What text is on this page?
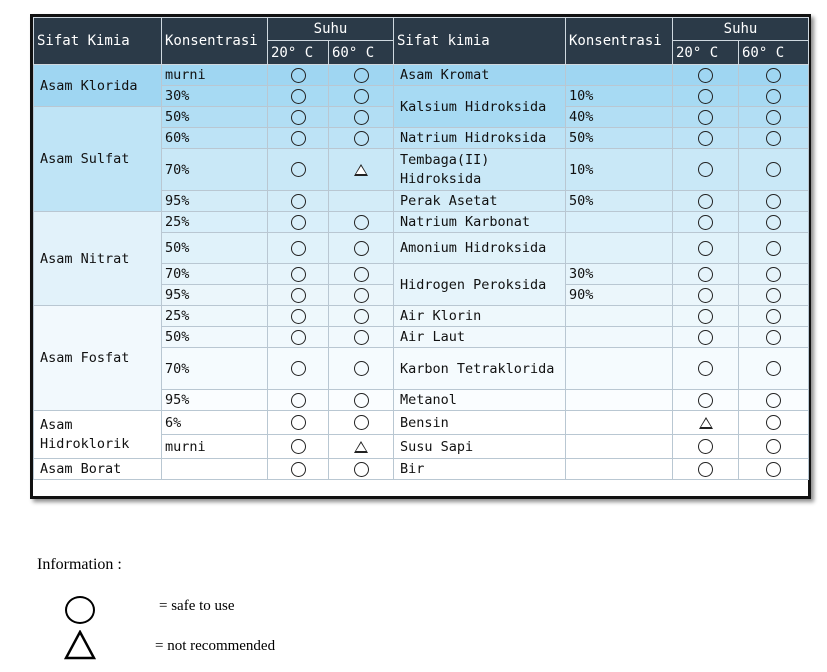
Sifat Kimia	Konsentrasi	Suhu		Sifat kimia	Konsentrasi	Suhu	
		20° C	60° C			20° C	60° C
Asam Klorida	murni			Asam Kromat			
	30%			Kalsium Hidroksida	10%		
Asam Sulfat	50%				40%		
	60%			Natrium Hidroksida	50%		
	70%			Tembaga(II) Hidroksida	10%		
	95%			Perak Asetat	50%		
Asam Nitrat	25%			Natrium Karbonat			
	50%			Amonium Hidroksida			
	70%			Hidrogen Peroksida	30%		
	95%				90%		
Asam Fosfat	25%			Air Klorin			
	50%			Air Laut			
	70%			Karbon Tetraklorida			
	95%			Metanol			
Asam Hidroklorik	6%			Bensin			
	murni			Susu Sapi			
Asam Borat				Bir			
Information :
= safe to use
= not recommended
